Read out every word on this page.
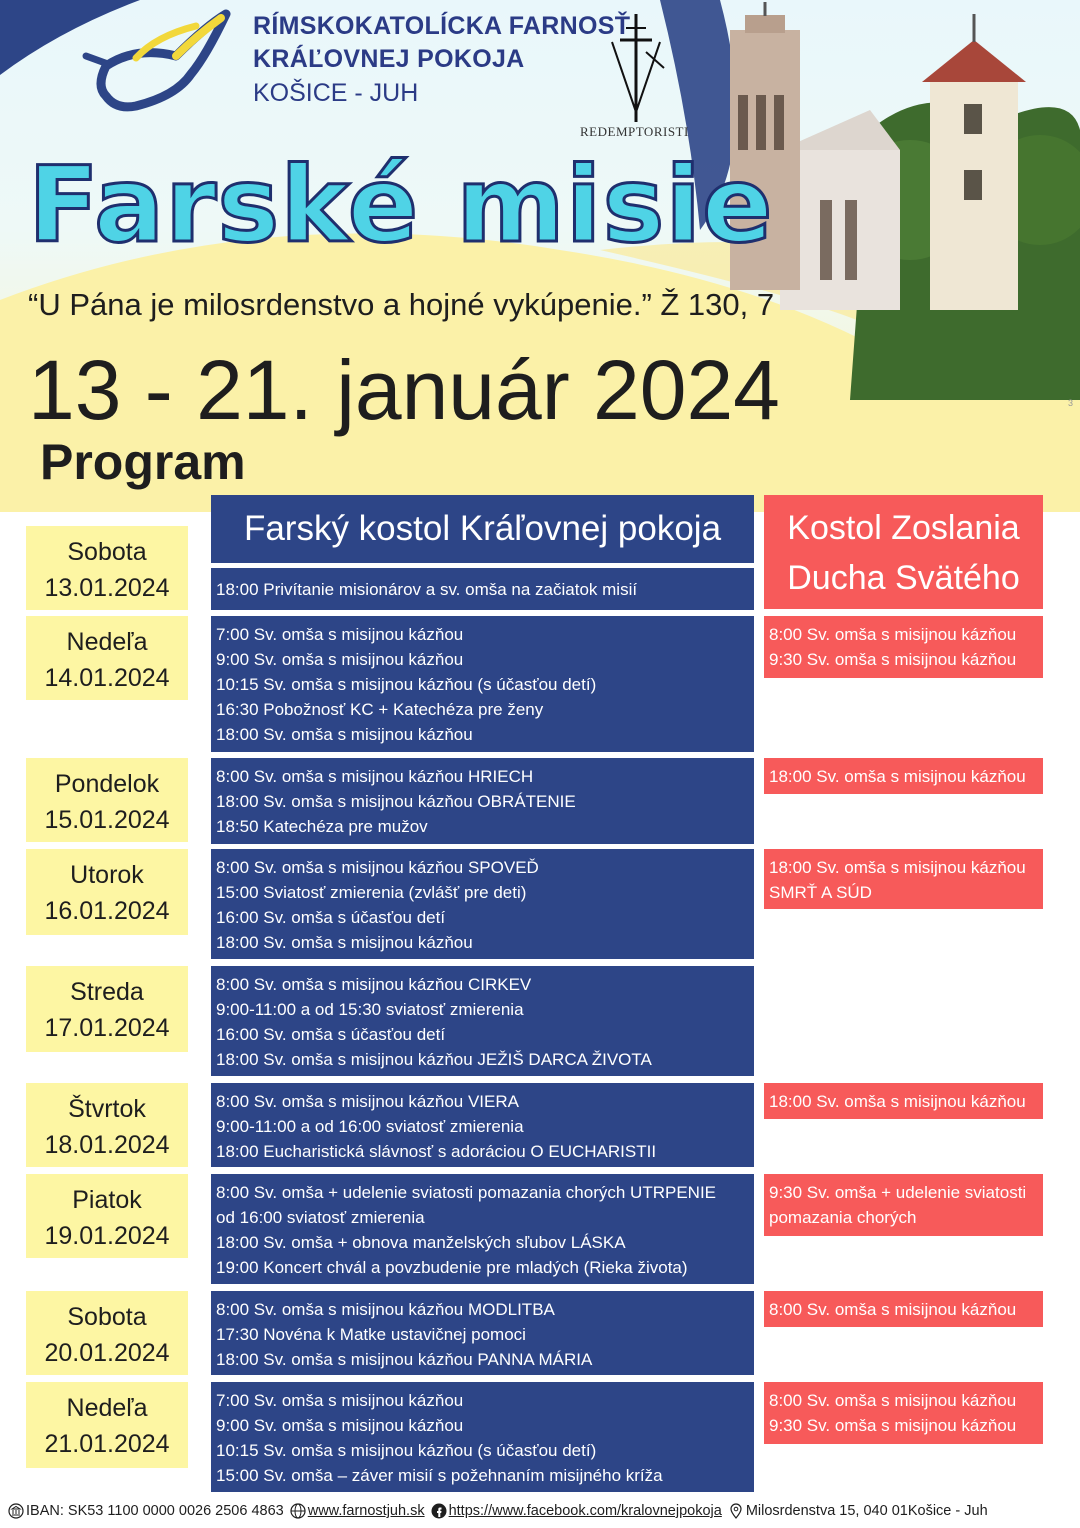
RÍMSKOKATOLÍCKA FARNOSŤ
KRÁĽOVNEJ POKOJA
KOŠICE - JUH
REDEMPTORISTI
Farské misie
“U Pána je milosrdenstvo a hojné vykúpenie.” Ž 130, 7
13 - 21. január 2024
Program
3
Farský kostol Kráľovnej pokoja	Kostol Zoslania
Ducha Svätého
Sobota
13.01.2024	18:00 Privítanie misionárov a sv. omša na začiatok misií
Nedeľa
14.01.2024
7:00 Sv. omša s misijnou kázňou
9:00 Sv. omša s misijnou kázňou
10:15 Sv. omša s misijnou kázňou (s účasťou detí)
16:30 Pobožnosť KC + Katechéza pre ženy
18:00 Sv. omša s misijnou kázňou
8:00 Sv. omša s misijnou kázňou
9:30 Sv. omša s misijnou kázňou
Pondelok
15.01.2024
8:00 Sv. omša s misijnou kázňou HRIECH
18:00 Sv. omša s misijnou kázňou OBRÁTENIE
18:50 Katechéza pre mužov
18:00 Sv. omša s misijnou kázňou
Utorok
16.01.2024
8:00 Sv. omša s misijnou kázňou SPOVEĎ
15:00 Sviatosť zmierenia (zvlášť pre deti)
16:00 Sv. omša s účasťou detí
18:00 Sv. omša s misijnou kázňou
18:00 Sv. omša s misijnou kázňou
SMRŤ A SÚD
Streda
17.01.2024
8:00 Sv. omša s misijnou kázňou CIRKEV
9:00-11:00 a od 15:30 sviatosť zmierenia
16:00 Sv. omša s účasťou detí
18:00 Sv. omša s misijnou kázňou JEŽIŠ DARCA ŽIVOTA
Štvrtok
18.01.2024
8:00 Sv. omša s misijnou kázňou VIERA
9:00-11:00 a od 16:00 sviatosť zmierenia
18:00 Eucharistická slávnosť s adoráciou O EUCHARISTII
18:00 Sv. omša s misijnou kázňou
Piatok
19.01.2024
8:00 Sv. omša + udelenie sviatosti pomazania chorých UTRPENIE
od 16:00 sviatosť zmierenia
18:00 Sv. omša + obnova manželských sľubov LÁSKA
19:00 Koncert chvál a povzbudenie pre mladých (Rieka života)
9:30 Sv. omša + udelenie sviatosti
pomazania chorých
Sobota
20.01.2024
8:00 Sv. omša s misijnou kázňou MODLITBA
17:30 Novéna k Matke ustavičnej pomoci
18:00 Sv. omša s misijnou kázňou PANNA MÁRIA
8:00 Sv. omša s misijnou kázňou
Nedeľa
21.01.2024
7:00 Sv. omša s misijnou kázňou
9:00 Sv. omša s misijnou kázňou
10:15 Sv. omša s misijnou kázňou (s účasťou detí)
15:00 Sv. omša – záver misií s požehnaním misijného kríža
8:00 Sv. omša s misijnou kázňou
9:30 Sv. omša s misijnou kázňou
IBAN: SK53 1100 0000 0026 2506 4863 www.farnostjuh.sk https://www.facebook.com/kralovnejpokoja Milosrdenstva 15, 040 01Košice - Juh
